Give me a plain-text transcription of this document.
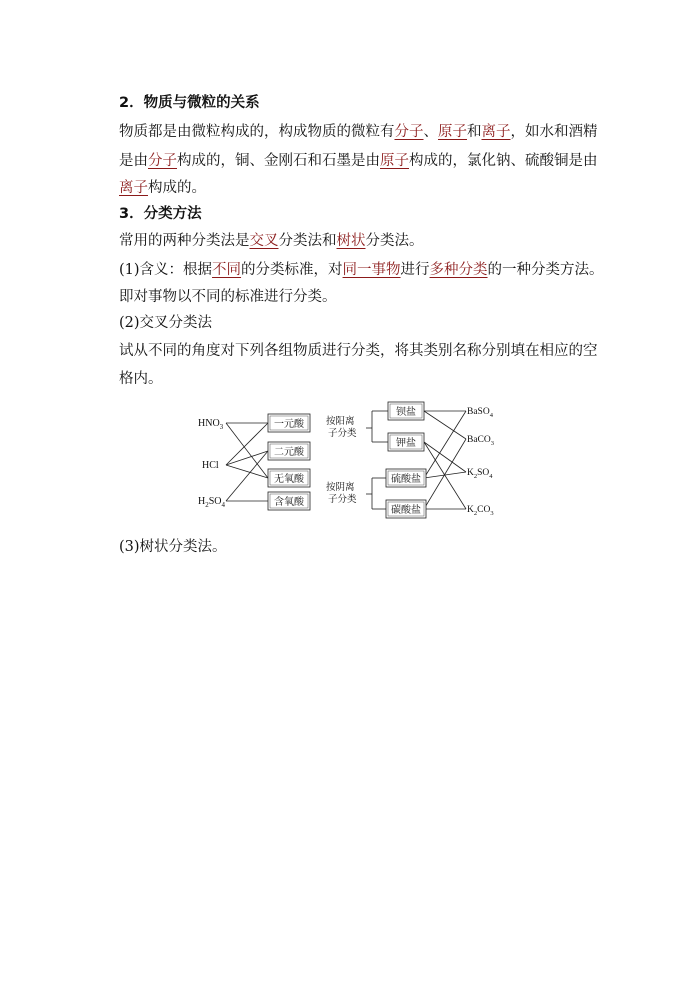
2．物质与微粒的关系
物质都是由微粒构成的，构成物质的微粒有分子、原子和离子，如水和酒精
是由分子构成的，铜、金刚石和石墨是由原子构成的，氯化钠、硫酸铜是由
离子构成的。
3．分类方法
常用的两种分类法是交叉分类法和树状分类法。
(1)含义：根据不同的分类标准，对同一事物进行多种分类的一种分类方法。
即对事物以不同的标准进行分类。
(2)交叉分类法
试从不同的角度对下列各组物质进行分类，将其类别名称分别填在相应的空
格内。
$HNO_3$
HCl
$H_2SO_4$
一元酸
二元酸
无氧酸
含氧酸
按阳离子分类
按阴离子分类
钡盐
钾盐
硫酸盐
碳酸盐
BaSO$_4$
BaCO$_3$
$K_2SO_4$
$K_2CO_3$
(3)树状分类法。
